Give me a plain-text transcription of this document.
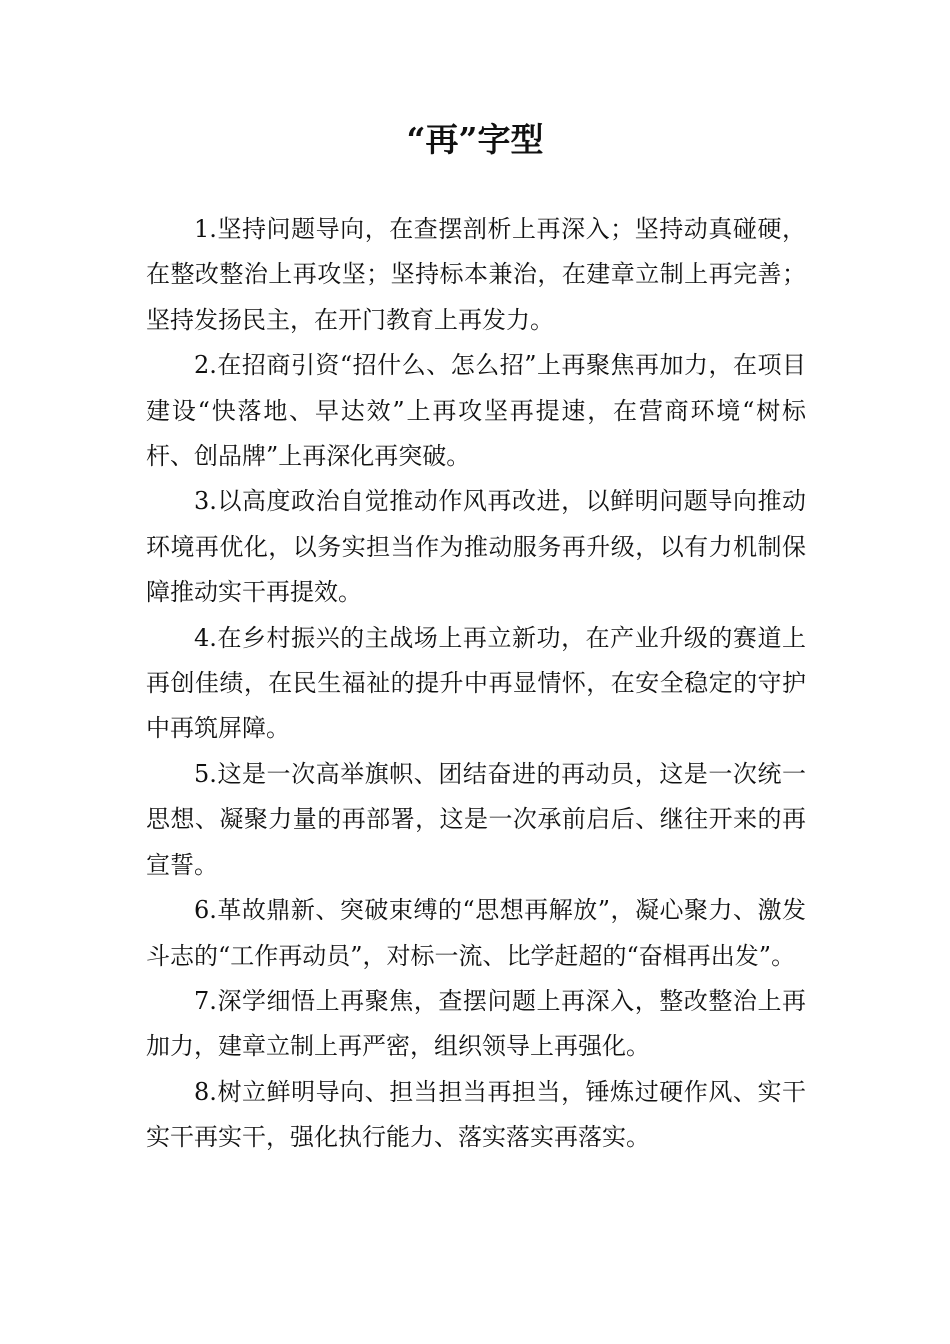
“再”字型

1.坚持问题导向，在查摆剖析上再深入；坚持动真碰硬，在整改整治上再攻坚；坚持标本兼治，在建章立制上再完善；坚持发扬民主，在开门教育上再发力。

2.在招商引资“招什么、怎么招”上再聚焦再加力，在项目建设“快落地、早达效”上再攻坚再提速，在营商环境“树标杆、创品牌”上再深化再突破。

3.以高度政治自觉推动作风再改进，以鲜明问题导向推动环境再优化，以务实担当作为推动服务再升级，以有力机制保障推动实干再提效。

4.在乡村振兴的主战场上再立新功，在产业升级的赛道上再创佳绩，在民生福祉的提升中再显情怀，在安全稳定的守护中再筑屏障。

5.这是一次高举旗帜、团结奋进的再动员，这是一次统一思想、凝聚力量的再部署，这是一次承前启后、继往开来的再宣誓。

6.革故鼎新、突破束缚的“思想再解放”，凝心聚力、激发斗志的“工作再动员”，对标一流、比学赶超的“奋楫再出发”。

7.深学细悟上再聚焦，查摆问题上再深入，整改整治上再加力，建章立制上再严密，组织领导上再强化。

8.树立鲜明导向、担当担当再担当，锤炼过硬作风、实干实干再实干，强化执行能力、落实落实再落实。
